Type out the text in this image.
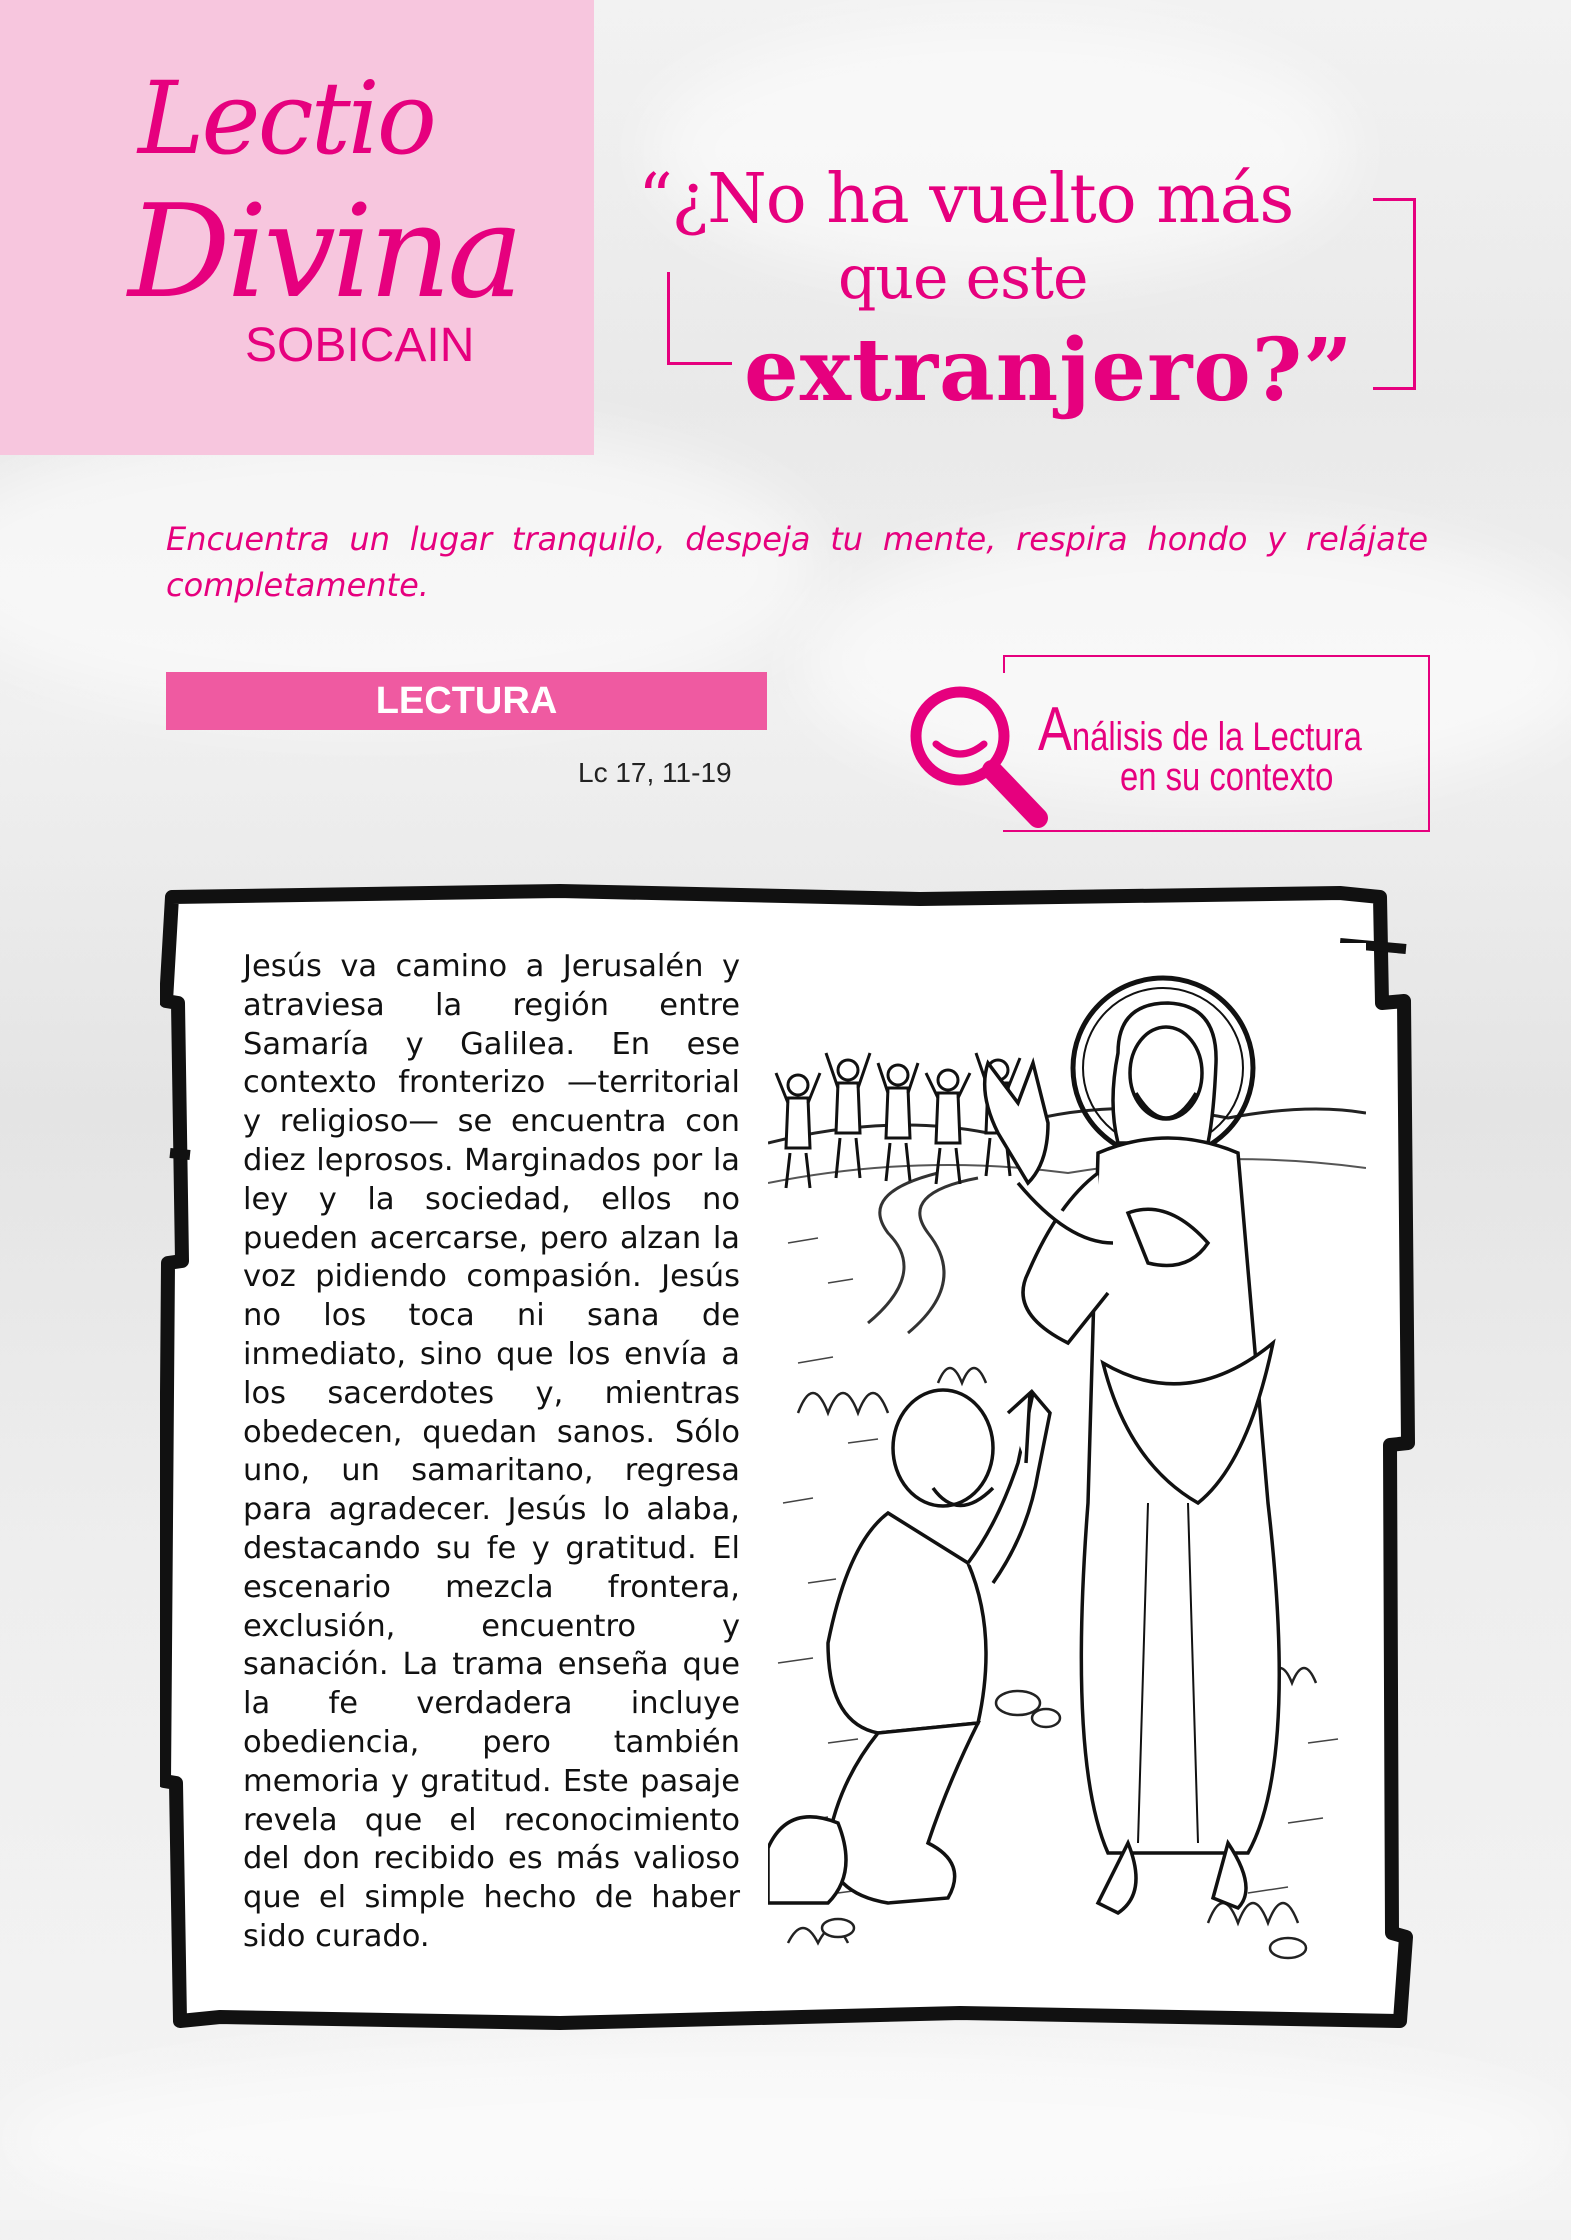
Lectio
Divina
SOBICAIN
“¿No ha vuelto más
que este
extranjero?”
Encuentra un lugar tranquilo, despeja tu mente, respira hondo y relájate completamente.
LECTURA
Lc 17, 11-19
Análisis de la Lectura
en su contexto
Jesús va camino a Jerusalén y atraviesa la región entre Samaría y Galilea. En ese contexto fronterizo —territorial y religioso— se encuentra con diez leprosos. Marginados por la ley y la sociedad, ellos no pueden acercarse, pero alzan la voz pidiendo compasión. Jesús no los toca ni sana de inmediato, sino que los envía a los sacerdotes y, mientras obedecen, quedan sanos. Sólo uno, un samaritano, regresa para agradecer. Jesús lo alaba, destacando su fe y gratitud. El escenario mezcla frontera, exclusión, encuentro y sanación. La trama enseña que la fe verdadera incluye obediencia, pero también memoria y gratitud. Este pasaje revela que el reconocimiento del don recibido es más valioso que el simple hecho de haber sido curado.
